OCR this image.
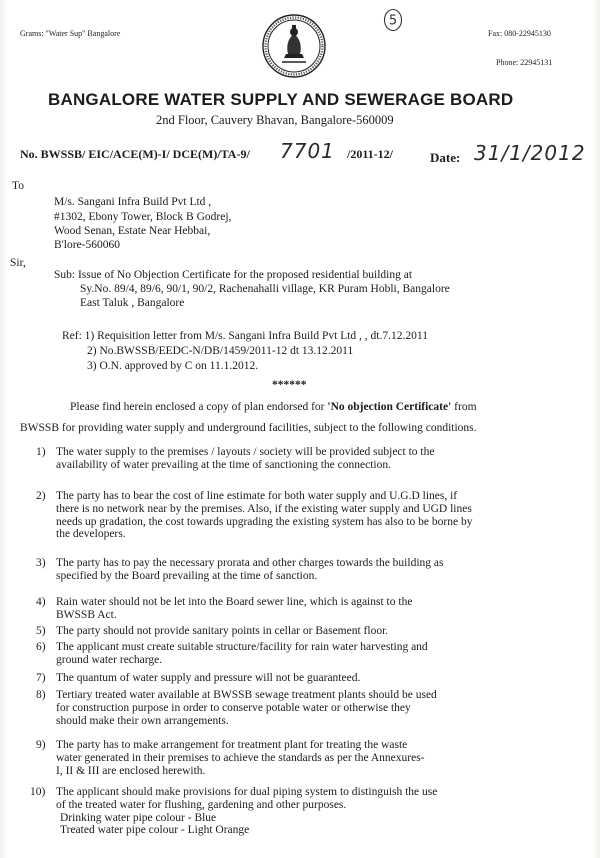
Grams: "Water Sup" Bangalore	Fax: 080-22945130
Phone: 22945131
5
BANGALORE WATER SUPPLY AND SEWERAGE BOARD
2nd Floor, Cauvery Bhavan, Bangalore-560009
No. BWSSB/ EIC/ACE(M)-I/ DCE(M)/TA-9/ 7701 /2011-12/	Date: 31/1/2012
To
M/s. Sangani Infra Build Pvt Ltd ,
#1302, Ebony Tower, Block B Godrej,
Wood Senan, Estate Near Hebbai,
B'lore-560060
Sir,
Sub: Issue of No Objection Certificate for the proposed residential building at
Sy.No. 89/4, 89/6, 90/1, 90/2, Rachenahalli village, KR Puram Hobli, Bangalore
East Taluk , Bangalore
Ref: 1) Requisition letter from M/s. Sangani Infra Build Pvt Ltd , , dt.7.12.2011
2) No.BWSSB/EEDC-N/DB/1459/2011-12 dt 13.12.2011
3) O.N. approved by C on 11.1.2012.
******
Please find herein enclosed a copy of plan endorsed for 'No objection Certificate' from
BWSSB for providing water supply and underground facilities, subject to the following conditions.
1) The water supply to the premises / layouts / society will be provided subject to the
availability of water prevailing at the time of sanctioning the connection.
2) The party has to bear the cost of line estimate for both water supply and U.G.D lines, if
there is no network near by the premises. Also, if the existing water supply and UGD lines
needs up gradation, the cost towards upgrading the existing system has also to be borne by
the developers.
3) The party has to pay the necessary prorata and other charges towards the building as
specified by the Board prevailing at the time of sanction.
4) Rain water should not be let into the Board sewer line, which is against to the
BWSSB Act.
5) The party should not provide sanitary points in cellar or Basement floor.
6) The applicant must create suitable structure/facility for rain water harvesting and
ground water recharge.
7) The quantum of water supply and pressure will not be guaranteed.
8) Tertiary treated water available at BWSSB sewage treatment plants should be used
for construction purpose in order to conserve potable water or otherwise they
should make their own arrangements.
9) The party has to make arrangement for treatment plant for treating the waste
water generated in their premises to achieve the standards as per the Annexures-
I, II & III are enclosed herewith.
10) The applicant should make provisions for dual piping system to distinguish the use
of the treated water for flushing, gardening and other purposes.
Drinking water pipe colour - Blue
Treated water pipe colour - Light Orange
